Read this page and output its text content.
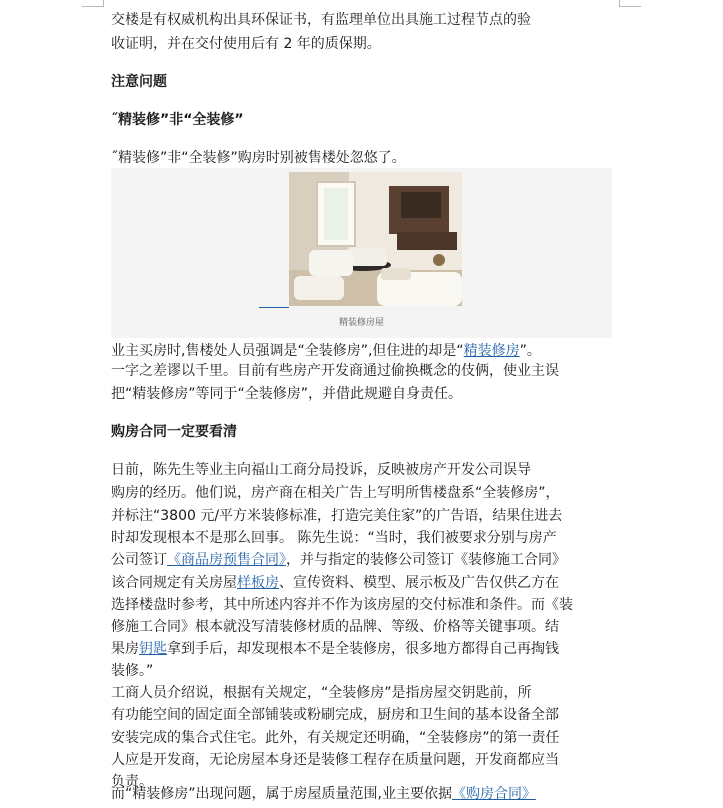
交楼是有权威机构出具环保证书，有监理单位出具施工过程节点的验
收证明，并在交付使用后有 2 年的质保期。
注意问题
˝精装修”非“全装修”
˝精装修”非“全装修”购房时别被售楼处忽悠了。
精装修房屋
业主买房时,售楼处人员强调是“全装修房”,但住进的却是“精装修房”。
一字之差谬以千里。目前有些房产开发商通过偷换概念的伎俩，使业主误
把“精装修房”等同于“全装修房”，并借此规避自身责任。
购房合同一定要看清
日前，陈先生等业主向福山工商分局投诉，反映被房产开发公司误导
购房的经历。他们说，房产商在相关广告上写明所售楼盘系“全装修房”，
并标注“3800 元/平方米装修标准，打造完美住家”的广告语，结果住进去
时却发现根本不是那么回事。 陈先生说：“当时，我们被要求分别与房产
公司签订《商品房预售合同》，并与指定的装修公司签订《装修施工合同》
该合同规定有关房屋样板房、宣传资料、模型、展示板及广告仅供乙方在
选择楼盘时参考，其中所述内容并不作为该房屋的交付标准和条件。而《装
修施工合同》根本就没写清装修材质的品牌、等级、价格等关键事项。结
果房钥匙拿到手后，却发现根本不是全装修房，很多地方都得自己再掏钱
装修。”
工商人员介绍说，根据有关规定，“全装修房”是指房屋交钥匙前，所
有功能空间的固定面全部铺装或粉刷完成，厨房和卫生间的基本设备全部
安装完成的集合式住宅。此外，有关规定还明确，“全装修房”的第一责任
人应是开发商，无论房屋本身还是装修工程存在质量问题，开发商都应当
负责。
而“精装修房”出现问题，属于房屋质量范围,业主要依据《购房合同》
